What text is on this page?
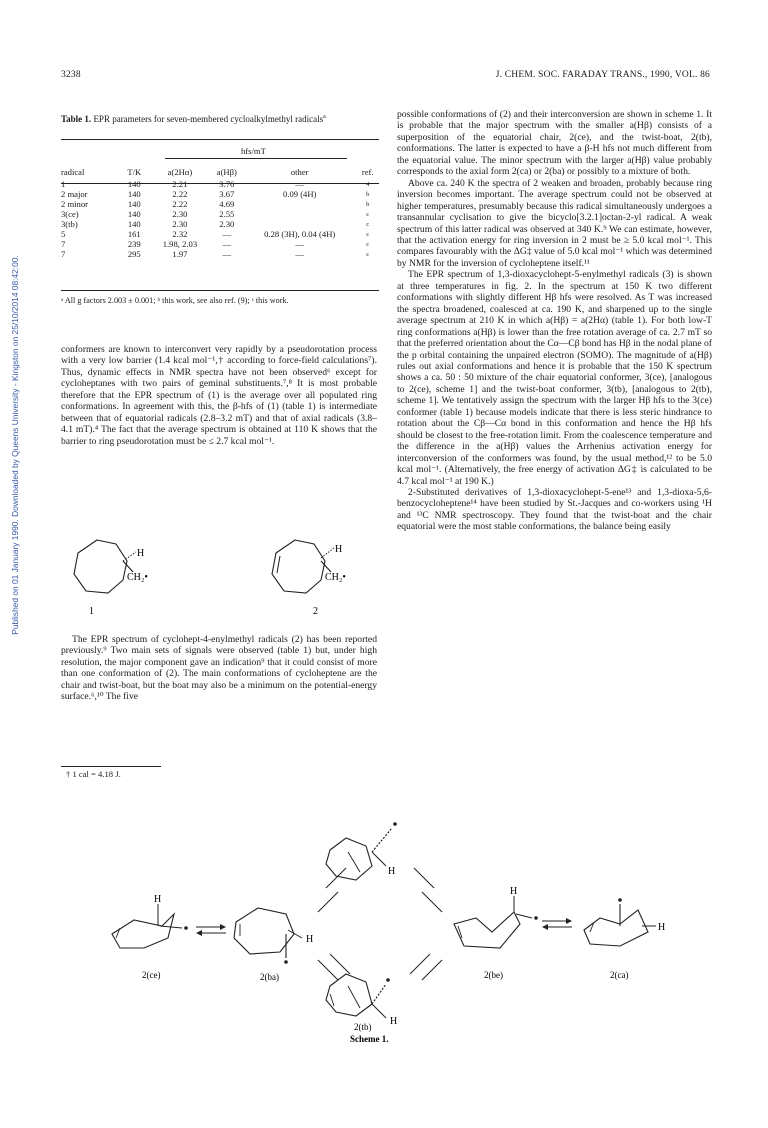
3238	J. CHEM. SOC. FARADAY TRANS., 1990, VOL. 86
Published on 01 January 1990. Downloaded by Queens University - Kingston on 25/10/2014 08:42:00.
Table 1. EPR parameters for seven-membered cycloalkylmethyl radicals$^a$
hfs/mT
radical	T/K	a(2Hα)	a(Hβ)	other	ref.
1	140	2.21	3.76	—	4
2 major	140	2.22	3.67	0.09 (4H)	b
2 minor	140	2.22	4.69		b
3(ce)	140	2.30	2.55		c
3(tb)	140	2.30	2.30		c
5	161	2.32	—	0.28 (3H), 0.04 (4H)	c
7	239	1.98, 2.03	—	—	c
7	295	1.97	—	—	c
ᵃ All g factors 2.003 ± 0.001; ᵇ this work, see also ref. (9); ᶜ this work.

conformers are known to interconvert very rapidly by a pseudorotation process with a very low barrier (1.4 kcal mol⁻¹,† according to force-field calculations⁷). Thus, dynamic effects in NMR spectra have not been observed⁶ except for cycloheptanes with two pairs of geminal substituents.⁷,⁸ It is most probable therefore that the EPR spectrum of (1) is the average over all populated ring conformations. In agreement with this, the β-hfs of (1) (table 1) is intermediate between that of equatorial radicals (2.8–3.2 mT) and that of axial radicals (3.8–4.1 mT).⁴ The fact that the average spectrum is obtained at 110 K shows that the barrier to ring pseudorotation must be ≤ 2.7 kcal mol⁻¹.

H
CH₂•
1
H
CH₂•
2

The EPR spectrum of cyclohept-4-enylmethyl radicals (2) has been reported previously.⁹ Two main sets of signals were observed (table 1) but, under high resolution, the major component gave an indication⁹ that it could consist of more than one conformation of (2). The main conformations of cycloheptene are the chair and twist-boat, but the boat may also be a minimum on the potential-energy surface.⁶,¹⁰ The five

† 1 cal = 4.18 J.

possible conformations of (2) and their interconversion are shown in scheme 1. It is probable that the major spectrum with the smaller a(Hβ) consists of a superposition of the equatorial chair, 2(ce), and the twist-boat, 2(tb), conformations. The latter is expected to have a β-H hfs not much different from the equatorial value. The minor spectrum with the larger a(Hβ) value probably corresponds to the axial form 2(ca) or 2(ba) or possibly to a mixture of both.

Above ca. 240 K the spectra of 2 weaken and broaden, probably because ring inversion becomes important. The average spectrum could not be observed at higher temperatures, presumably because this radical simultaneously undergoes a transannular cyclisation to give the bicyclo[3.2.1]octan-2-yl radical. A weak spectrum of this latter radical was observed at 340 K.⁹ We can estimate, however, that the activation energy for ring inversion in 2 must be ≥ 5.0 kcal mol⁻¹. This compares favourably with the ΔG‡ value of 5.0 kcal mol⁻¹ which was determined by NMR for the inversion of cycloheptene itself.¹¹

The EPR spectrum of 1,3-dioxacyclohept-5-enylmethyl radicals (3) is shown at three temperatures in fig. 2. In the spectrum at 150 K two different conformations with slightly different Hβ hfs were resolved. As T was increased the spectra broadened, coalesced at ca. 190 K, and sharpened up to the single average spectrum at 210 K in which a(Hβ) = a(2Hα) (table 1). For both low-T ring conformations a(Hβ) is lower than the free rotation average of ca. 2.7 mT so that the preferred orientation about the Cα—Cβ bond has Hβ in the nodal plane of the p orbital containing the unpaired electron (SOMO). The magnitude of a(Hβ) rules out axial conformations and hence it is probable that the 150 K spectrum shows a ca. 50 : 50 mixture of the chair equatorial conformer, 3(ce), [analogous to 2(ce), scheme 1] and the twist-boat conformer, 3(tb), [analogous to 2(tb), scheme 1]. We tentatively assign the spectrum with the larger Hβ hfs to the 3(ce) conformer (table 1) because models indicate that there is less steric hindrance to rotation about the Cβ—Cα bond in this conformation and hence the Hβ hfs should be closest to the free-rotation limit. From the coalescence temperature and the difference in the a(Hβ) values the Arrhenius activation energy for interconversion of the conformers was found, by the usual method,¹² to be 5.0 kcal mol⁻¹. (Alternatively, the free energy of activation ΔG‡ is calculated to be 4.7 kcal mol⁻¹ at 190 K.)

2-Substituted derivatives of 1,3-dioxacyclohept-5-ene¹³ and 1,3-dioxa-5,6-benzocycloheptene¹⁴ have been studied by St.-Jacques and co-workers using ¹H and ¹³C NMR spectroscopy. They found that the twist-boat and the chair equatorial were the most stable conformations, the balance being easily

H
H
H
H
H
H
2(ce)	2(ba)
2(tb)
2(be)	2(ca)
Scheme 1.
